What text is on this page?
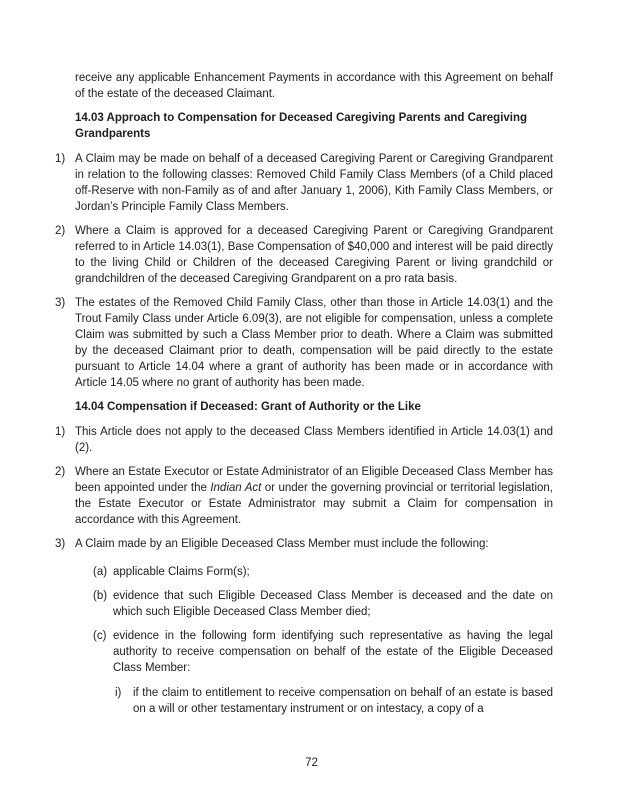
receive any applicable Enhancement Payments in accordance with this Agreement on behalf of the estate of the deceased Claimant.

14.03 Approach to Compensation for Deceased Caregiving Parents and Caregiving Grandparents
1) A Claim may be made on behalf of a deceased Caregiving Parent or Caregiving Grandparent in relation to the following classes: Removed Child Family Class Members (of a Child placed off-Reserve with non-Family as of and after January 1, 2006), Kith Family Class Members, or Jordan’s Principle Family Class Members.

2) Where a Claim is approved for a deceased Caregiving Parent or Caregiving Grandparent referred to in Article 14.03(1), Base Compensation of $40,000 and interest will be paid directly to the living Child or Children of the deceased Caregiving Parent or living grandchild or grandchildren of the deceased Caregiving Grandparent on a pro rata basis.

3) The estates of the Removed Child Family Class, other than those in Article 14.03(1) and the Trout Family Class under Article 6.09(3), are not eligible for compensation, unless a complete Claim was submitted by such a Class Member prior to death. Where a Claim was submitted by the deceased Claimant prior to death, compensation will be paid directly to the estate pursuant to Article 14.04 where a grant of authority has been made or in accordance with Article 14.05 where no grant of authority has been made.

14.04 Compensation if Deceased: Grant of Authority or the Like
1) This Article does not apply to the deceased Class Members identified in Article 14.03(1) and (2).

2) Where an Estate Executor or Estate Administrator of an Eligible Deceased Class Member has been appointed under the Indian Act or under the governing provincial or territorial legislation, the Estate Executor or Estate Administrator may submit a Claim for compensation in accordance with this Agreement.

3) A Claim made by an Eligible Deceased Class Member must include the following:

(a) applicable Claims Form(s);

(b) evidence that such Eligible Deceased Class Member is deceased and the date on which such Eligible Deceased Class Member died;

(c) evidence in the following form identifying such representative as having the legal authority to receive compensation on behalf of the estate of the Eligible Deceased Class Member:

i) if the claim to entitlement to receive compensation on behalf of an estate is based on a will or other testamentary instrument or on intestacy, a copy of a

72
